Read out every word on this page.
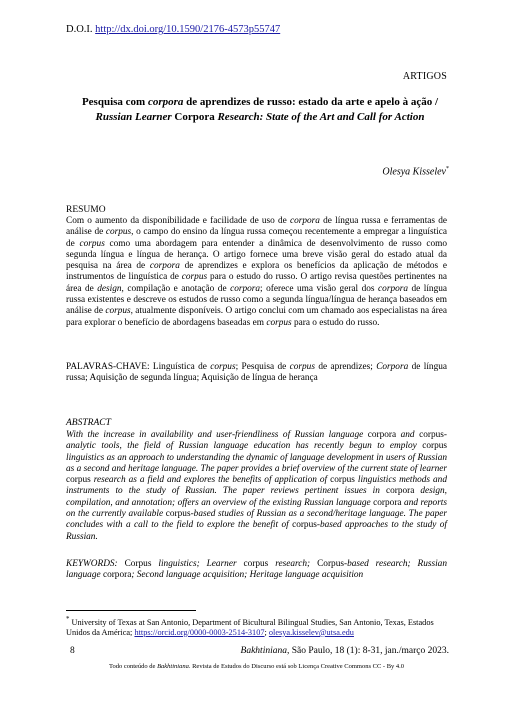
D.O.I. http://dx.doi.org/10.1590/2176-4573p55747
ARTIGOS
Pesquisa com corpora de aprendizes de russo: estado da arte e apelo à ação / Russian Learner Corpora Research: State of the Art and Call for Action
Olesya Kisselev*
RESUMO
Com o aumento da disponibilidade e facilidade de uso de corpora de língua russa e ferramentas de análise de corpus, o campo do ensino da língua russa começou recentemente a empregar a linguística de corpus como uma abordagem para entender a dinâmica de desenvolvimento de russo como segunda língua e língua de herança. O artigo fornece uma breve visão geral do estado atual da pesquisa na área de corpora de aprendizes e explora os benefícios da aplicação de métodos e instrumentos de linguística de corpus para o estudo do russo. O artigo revisa questões pertinentes na área de design, compilação e anotação de corpora; oferece uma visão geral dos corpora de língua russa existentes e descreve os estudos de russo como a segunda língua/língua de herança baseados em análise de corpus, atualmente disponíveis. O artigo conclui com um chamado aos especialistas na área para explorar o benefício de abordagens baseadas em corpus para o estudo do russo.
PALAVRAS-CHAVE: Linguística de corpus; Pesquisa de corpus de aprendizes; Corpora de língua russa; Aquisição de segunda língua; Aquisição de língua de herança
ABSTRACT
With the increase in availability and user-friendliness of Russian language corpora and corpus-analytic tools, the field of Russian language education has recently begun to employ corpus linguistics as an approach to understanding the dynamic of language development in users of Russian as a second and heritage language. The paper provides a brief overview of the current state of learner corpus research as a field and explores the benefits of application of corpus linguistics methods and instruments to the study of Russian. The paper reviews pertinent issues in corpora design, compilation, and annotation; offers an overview of the existing Russian language corpora and reports on the currently available corpus-based studies of Russian as a second/heritage language. The paper concludes with a call to the field to explore the benefit of corpus-based approaches to the study of Russian.
KEYWORDS: Corpus linguistics; Learner corpus research; Corpus-based research; Russian language corpora; Second language acquisition; Heritage language acquisition
* University of Texas at San Antonio, Department of Bicultural Bilingual Studies, San Antonio, Texas, Estados Unidos da América; https://orcid.org/0000-0003-2514-3107; olesya.kisselev@utsa.edu
8	Bakhtiniana, São Paulo, 18 (1): 8-31, jan./março 2023.
Todo conteúdo de Bakhtiniana. Revista de Estudos do Discurso está sob Licença Creative Commons CC - By 4.0
